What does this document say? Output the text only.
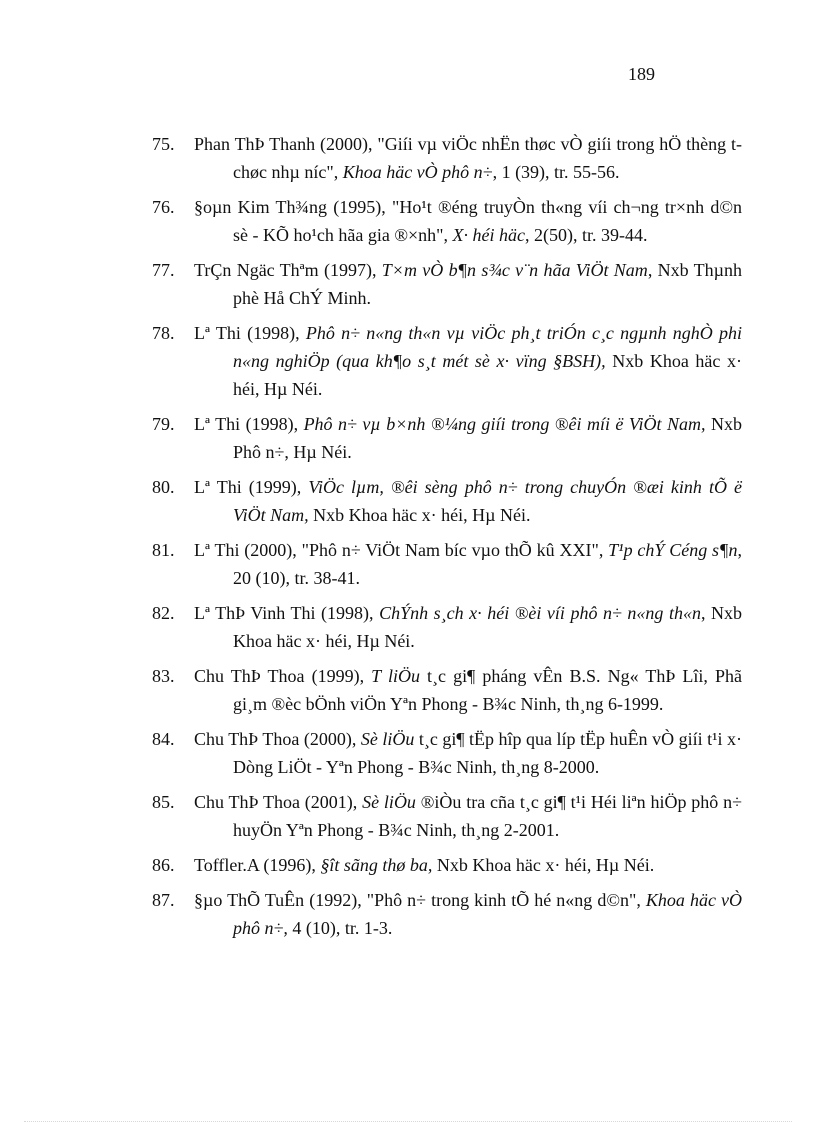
189
75.	Phan ThÞ Thanh (2000), "Giíi vµ viÖc nhËn thøc vÒ giíi trong hÖ thèng t chøc nhµ níc", Khoa häc vÒ phô n÷, 1 (39), tr. 55-56.
76.	§oµn Kim Th¾ng (1995), "Ho¹t ®éng truyÒn th«ng víi ch¬ng tr×nh d©n sè - KÕ ho¹ch hãa gia ®×nh", X· héi häc, 2(50), tr. 39-44.
77.	TrÇn Ngäc Thªm (1997), T×m vÒ b¶n s¾c v¨n hãa ViÖt Nam, Nxb Thµnh phè Hå ChÝ Minh.
78.	Lª Thi (1998), Phô n÷ n«ng th«n vµ viÖc ph¸t triÓn c¸c ngµnh nghÒ phi n«ng nghiÖp (qua kh¶o s¸t mét sè x· vïng §BSH), Nxb Khoa häc x· héi, Hµ Néi.
79.	Lª Thi (1998), Phô n÷ vµ b×nh ®¼ng giíi trong ®êi míi ë ViÖt Nam, Nxb Phô n÷, Hµ Néi.
80.	Lª Thi (1999), ViÖc lµm, ®êi sèng phô n÷ trong chuyÓn ®æi kinh tÕ ë ViÖt Nam, Nxb Khoa häc x· héi, Hµ Néi.
81.	Lª Thi (2000), "Phô n÷ ViÖt Nam bíc vµo thÕ kû XXI", T¹p chÝ Céng s¶n, 20 (10), tr. 38-41.
82.	Lª ThÞ Vinh Thi (1998), ChÝnh s¸ch x· héi ®èi víi phô n÷ n«ng th«n, Nxb Khoa häc x· héi, Hµ Néi.
83.	Chu ThÞ Thoa (1999), T liÖu t¸c gi¶ pháng vÊn B.S. Ng« ThÞ Lîi, Phã gi¸m ®èc bÖnh viÖn Yªn Phong - B¾c Ninh, th¸ng 6-1999.
84.	Chu ThÞ Thoa (2000), Sè liÖu t¸c gi¶ tËp hîp qua líp tËp huÊn vÒ giíi t¹i x· Dòng LiÖt - Yªn Phong - B¾c Ninh, th¸ng 8-2000.
85.	Chu ThÞ Thoa (2001), Sè liÖu ®iÒu tra cña t¸c gi¶ t¹i Héi liªn hiÖp phô n÷ huyÖn Yªn Phong - B¾c Ninh, th¸ng 2-2001.
86.	Toffler.A (1996), §ît sãng thø ba, Nxb Khoa häc x· héi, Hµ Néi.
87.	§µo ThÕ TuÊn (1992), "Phô n÷ trong kinh tÕ hé n«ng d©n", Khoa häc vÒ phô n÷, 4 (10), tr. 1-3.
